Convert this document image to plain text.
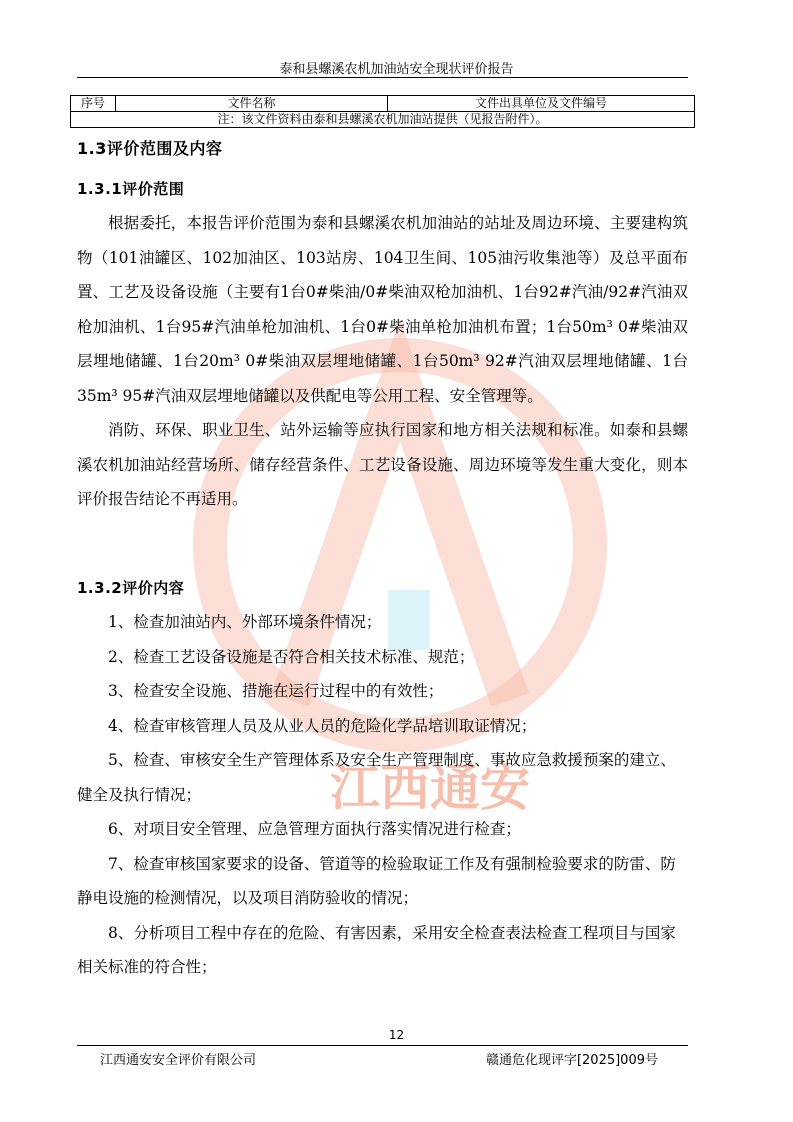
江西通安
泰和县螺溪农机加油站安全现状评价报告
序号	文件名称	文件出具单位及文件编号
注：该文件资料由泰和县螺溪农机加油站提供（见报告附件）。
1.3评价范围及内容
1.3.1评价范围

根据委托，本报告评价范围为泰和县螺溪农机加油站的站址及周边环境、主要建构筑物（101油罐区、102加油区、103站房、104卫生间、105油污收集池等）及总平面布置、工艺及设备设施（主要有1台0#柴油/0#柴油双枪加油机、1台92#汽油/92#汽油双枪加油机、1台95#汽油单枪加油机、1台0#柴油单枪加油机布置；1台50m³ 0#柴油双层埋地储罐、1台20m³ 0#柴油双层埋地储罐、1台50m³ 92#汽油双层埋地储罐、1台35m³ 95#汽油双层埋地储罐以及供配电等公用工程、安全管理等。

消防、环保、职业卫生、站外运输等应执行国家和地方相关法规和标准。如泰和县螺溪农机加油站经营场所、储存经营条件、工艺设备设施、周边环境等发生重大变化，则本评价报告结论不再适用。

1.3.2评价内容

1、检查加油站内、外部环境条件情况；

2、检查工艺设备设施是否符合相关技术标准、规范；

3、检查安全设施、措施在运行过程中的有效性；

4、检查审核管理人员及从业人员的危险化学品培训取证情况；

5、检查、审核安全生产管理体系及安全生产管理制度、事故应急救援预案的建立、健全及执行情况；

6、对项目安全管理、应急管理方面执行落实情况进行检查；

7、检查审核国家要求的设备、管道等的检验取证工作及有强制检验要求的防雷、防静电设施的检测情况，以及项目消防验收的情况；

8、分析项目工程中存在的危险、有害因素，采用安全检查表法检查工程项目与国家相关标准的符合性；

12
江西通安安全评价有限公司	赣通危化现评字[2025]009号
